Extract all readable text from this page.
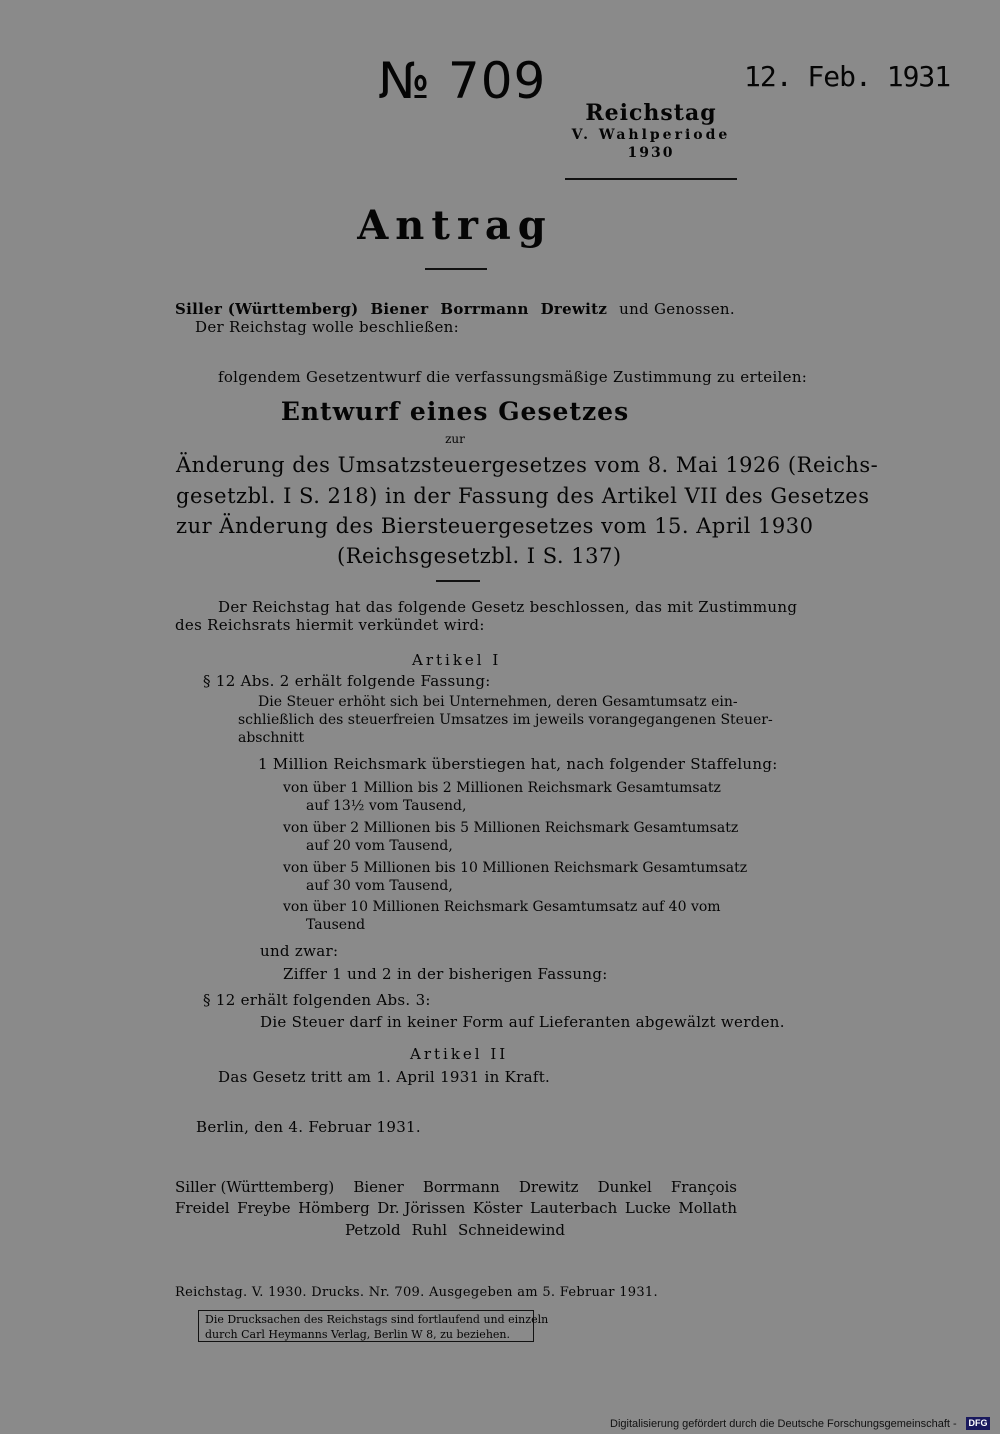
№ 709	12. Feb. 1931
Reichstag
V. Wahlperiode
1930
Antrag
Siller (Württemberg) Biener Borrmann Drewitz und Genossen.
Der Reichstag wolle beschließen:
folgendem Gesetzentwurf die verfassungsmäßige Zustimmung zu erteilen:
Entwurf eines Gesetzes
zur
Änderung des Umsatzsteuergesetzes vom 8. Mai 1926 (Reichs-
gesetzbl. I S. 218) in der Fassung des Artikel VII des Gesetzes
zur Änderung des Biersteuergesetzes vom 15. April 1930
(Reichsgesetzbl. I S. 137)
Der Reichstag hat das folgende Gesetz beschlossen, das mit Zustimmung
des Reichsrats hiermit verkündet wird:
Artikel I
§ 12 Abs. 2 erhält folgende Fassung:
Die Steuer erhöht sich bei Unternehmen, deren Gesamtumsatz ein-
schließlich des steuerfreien Umsatzes im jeweils vorangegangenen Steuer-
abschnitt
1 Million Reichsmark überstiegen hat, nach folgender Staffelung:
von über 1 Million bis 2 Millionen Reichsmark Gesamtumsatz
auf 13½ vom Tausend,
von über 2 Millionen bis 5 Millionen Reichsmark Gesamtumsatz
auf 20 vom Tausend,
von über 5 Millionen bis 10 Millionen Reichsmark Gesamtumsatz
auf 30 vom Tausend,
von über 10 Millionen Reichsmark Gesamtumsatz auf 40 vom
Tausend
und zwar:
Ziffer 1 und 2 in der bisherigen Fassung:
§ 12 erhält folgenden Abs. 3:
Die Steuer darf in keiner Form auf Lieferanten abgewälzt werden.
Artikel II
Das Gesetz tritt am 1. April 1931 in Kraft.
Berlin, den 4. Februar 1931.
Siller (Württemberg) Biener Borrmann Drewitz Dunkel François
Freidel Freybe Hömberg Dr. Jörissen Köster Lauterbach Lucke Mollath
Petzold Ruhl Schneidewind
Reichstag. V. 1930. Drucks. Nr. 709. Ausgegeben am 5. Februar 1931.
Die Drucksachen des Reichstags sind fortlaufend und einzeln
durch Carl Heymanns Verlag, Berlin W 8, zu beziehen.
Digitalisierung gefördert durch die Deutsche Forschungsgemeinschaft - DFG
